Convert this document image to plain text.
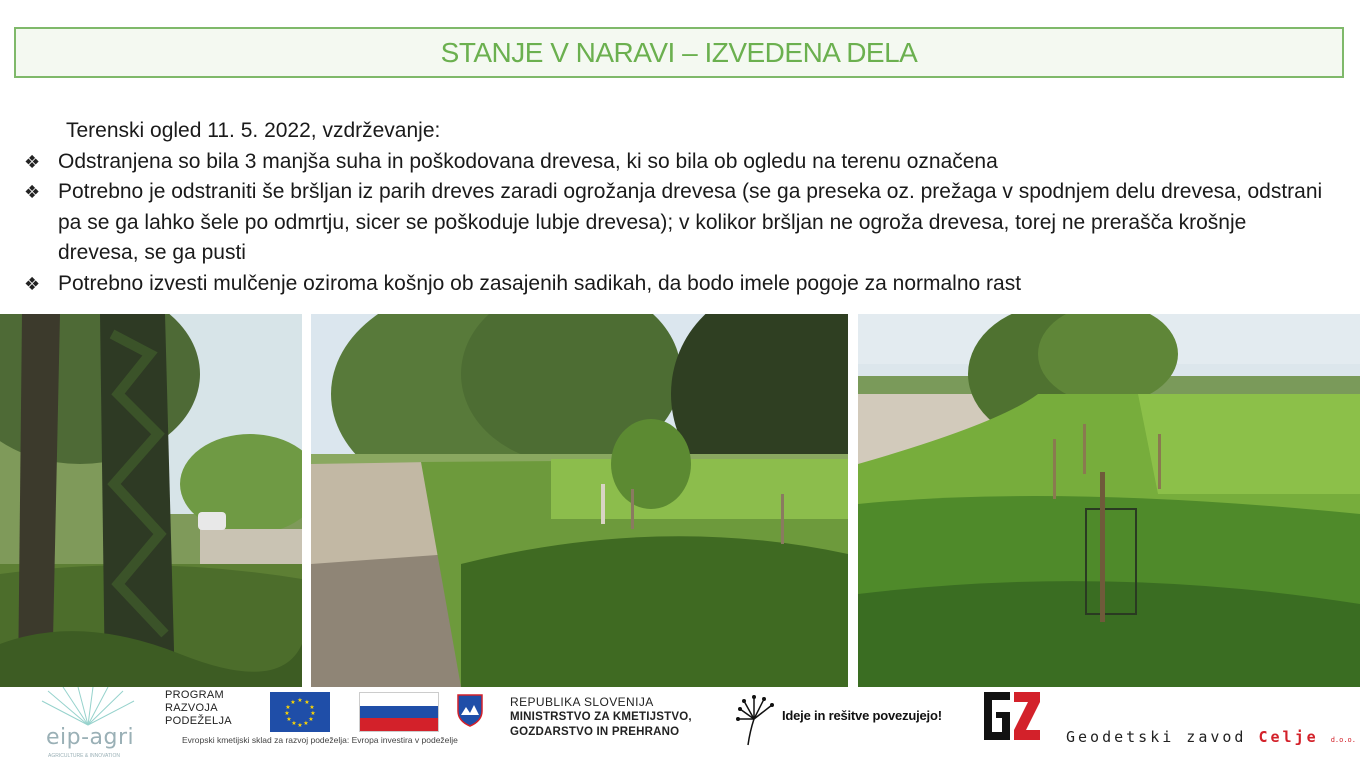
STANJE V NARAVI – IZVEDENA DELA
Terenski ogled 11. 5. 2022, vzdrževanje:
❖ Odstranjena so bila 3 manjša suha in poškodovana drevesa, ki so bila ob ogledu na terenu označena
❖ Potrebno je odstraniti še bršljan iz parih dreves zaradi ogrožanja drevesa (se ga preseka oz. prežaga v spodnjem delu drevesa, odstrani pa se ga lahko šele po odmrtju, sicer se poškoduje lubje drevesa); v kolikor bršljan ne ogroža drevesa, torej ne preraščа krošnje drevesa, se ga pusti
❖ Potrebno izvesti mulčenje oziroma košnjo ob zasajenih sadikah, da bodo imele pogoje za normalno rast
eip-agri
AGRICULTURE & INNOVATION
PROGRAM
RAZVOJA
PODEŽELJA
Evropski kmetijski sklad za razvoj podeželja: Evropa investira v podeželje
★ ★
★
★
★
★
★
★
★
★
★
★	REPUBLIKA SLOVENIJA
MINISTRSTVO ZA KMETIJSTVO,
GOZDARSTVO IN PREHRANO
Ideje in rešitve povezujejo!
Geodetski zavod Celje d.o.o.
